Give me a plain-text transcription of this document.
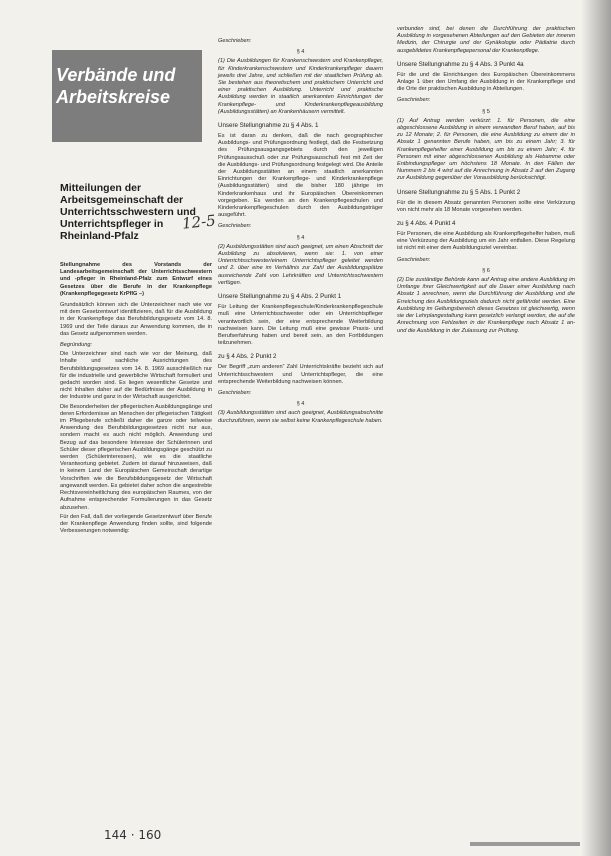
Verbände und Arbeitskreise
Mitteilungen der Arbeitsgemeinschaft der Unterrichtsschwestern und Unterrichtspfleger in Rheinland-Pfalz
12-5

Stellungnahme des Vorstands der Landesarbeitsgemeinschaft der Unterrichtsschwestern und -pfleger in Rheinland-Pfalz zum Entwurf eines Gesetzes über die Berufe in der Krankenpflege (Krankenpflegegesetz KrPflG –)

Grundsätzlich können sich die Unterzeichner nach wie vor mit dem Gesetzentwurf identifizieren, daß für die Ausbildung in der Krankenpflege das Berufsbildungsgesetz vom 14. 8. 1969 und der Teile daraus zur Anwendung kommen, die in das Gesetz aufgenommen werden.

Begründung:

Die Unterzeichner sind nach wie vor der Meinung, daß Inhalte und sachliche Ausrichtungen des Berufsbildungsgesetzes vom 14. 8. 1969 ausschließlich nur für die industrielle und gewerbliche Wirtschaft formuliert und gedacht worden sind. Es liegen wesentliche Gesetze und nicht Inhalten daher auf die Bedürfnisse der Ausbildung in der Industrie und ganz in der Wirtschaft ausgerichtet.

Die Besonderheiten der pflegerischen Ausbildungsgänge und deren Erfordernisse an Menschen der pflegerischen Tätigkeit im Pflegeberufe schließt daher die ganze oder teilweise Anwendung des Berufsbildungsgesetzes nicht nur aus, sondern macht es auch nicht möglich. Anwendung und Bezug auf das besondere Interesse der Schülerinnen und Schüler dieser pflegerischen Ausbildungsgänge geschützt zu werden (Schülerinteressen), wie es die staatliche Verantwortung gebietet. Zudem ist darauf hinzuweisen, daß in keinem Land der Europäischen Gemeinschaft derartige Vorschriften wie die Berufsbildungsgesetz der Wirtschaft angewandt werden. Es gebietet daher schon die angestrebte Rechtsvereinheitlichung des europäischen Raumes, von der Aufnahme entsprechender Formulierungen in das Gesetz abzusehen.

Für den Fall, daß der vorliegende Gesetzentwurf über Berufe der Krankenpflege Anwendung finden sollte, sind folgende Verbesserungen notwendig:

Geschrieben:
§ 4

(1) Die Ausbildungen für Krankenschwestern und Krankenpfleger, für Kinderkrankenschwestern und Kinderkrankenpfleger dauern jeweils drei Jahre, und schließen mit der staatlichen Prüfung ab. Sie bestehen aus theoretischem und praktischem Unterricht und einer praktischen Ausbildung. Unterricht und praktische Ausbildung werden in staatlich anerkannten Einrichtungen der Krankenpflege- und Kinderkrankenpflegeausbildung (Ausbildungsstätten) an Krankenhäusern vermittelt.

Unsere Stellungnahme zu § 4 Abs. 1

Es ist daran zu denken, daß die nach geographischer Ausbildungs- und Prüfungsordnung festlegt, daß die Festsetzung des Prüfungsausgangsgebiets durch den jeweiligen Prüfungsausschuß oder zur Prüfungsausschuß fest mit Zeit der die Ausbildungs- und Prüfungsordnung festgelegt wird. Die Anteile der Ausbildungsstätten an einem staatlich anerkannten Einrichtungen der Krankenpflege- und Kinderkrankenpflege (Ausbildungsstätten) sind die bisher 180 jährige im Kinderkrankenhaus und ihr Europäischen Übereinkommen vorgegeben. Es werden an den Krankenpflegeschulen und Kinderkrankenpflegeschulen durch den Ausbildungsträger ausgeführt.

Geschrieben:
§ 4

(2) Ausbildungsstätten sind auch geeignet, um einen Abschnitt der Ausbildung zu absolvieren, wenn sie: 1. von einer Unterrichtsschwester/einem Unterrichtspfleger geleitet werden und 2. über eine im Verhältnis zur Zahl der Ausbildungsplätze ausreichende Zahl von Lehrkräften und Unterrichtsschwestern verfügen.

Unsere Stellungnahme zu § 4 Abs. 2 Punkt 1

Für Leitung der Krankenpflegeschule/Kinderkrankenpflegeschule muß eine Unterrichtsschwester oder ein Unterrichtspfleger verantwortlich sein, der eine entsprechende Weiterbildung nachweisen kann. Die Leitung muß eine gewisse Praxis- und Berufserfahrung haben und bereit sein, an den Fortbildungen teilzunehmen.

zu § 4 Abs. 2 Punkt 2

Der Begriff „zum anderen“ Zahl Unterrichtskräfte bezieht sich auf Unterrichtsschwestern und Unterrichtspfleger, die eine entsprechende Weiterbildung nachweisen können.

Geschrieben:
§ 4

(3) Ausbildungsstätten sind auch geeignet, Ausbildungsabschnitte durchzuführen, wenn sie selbst keine Krankenpflegeschule haben.

verbunden sind, bei denen die Durchführung der praktischen Ausbildung in vorgesehenen Abteilungen auf den Gebieten der inneren Medizin, der Chirurgie und der Gynäkologie oder Pädiatrie durch ausgebildetes Krankenpflegepersonal der Krankenpflege.

Unsere Stellungnahme zu § 4 Abs. 3 Punkt 4a

Für die und die Einrichtungen des Europäischen Übereinkommens Anlage 1 über den Umfang der Ausbildung in der Krankenpflege und die Orte der praktischen Ausbildung in Abteilungen.

Geschrieben:
§ 5

(1) Auf Antrag werden verkürzt: 1. für Personen, die eine abgeschlossene Ausbildung in einem verwandten Beruf haben, auf bis zu 12 Monate; 2. für Personen, die eine Ausbildung zu einem der in Absatz 1 genannten Berufe haben, um bis zu einem Jahr; 3. für Krankenpflegehelfer einer Ausbildung um bis zu einem Jahr; 4. für Personen mit einer abgeschlossenen Ausbildung als Hebamme oder Entbindungspfleger um höchstens 18 Monate. In den Fällen der Nummern 2 bis 4 wird auf die Anrechnung in Absatz 2 auf den Zugang zur Ausbildung gegenüber der Vorausbildung berücksichtigt.

Unsere Stellungnahme zu § 5 Abs. 1 Punkt 2

Für die in diesem Absatz genannten Personen sollte eine Verkürzung von nicht mehr als 18 Monate vorgesehen werden.

zu § 4 Abs. 4 Punkt 4

Für Personen, die eine Ausbildung als Krankenpflegehelfer haben, muß eine Verkürzung der Ausbildung um ein Jahr entfallen. Diese Regelung ist nicht mit einer dem Ausbildungsziel vereinbar.

Geschrieben:
§ 6

(2) Die zuständige Behörde kann auf Antrag eine andere Ausbildung im Umfange ihrer Gleichwertigkeit auf die Dauer einer Ausbildung nach Absatz 1 anrechnen, wenn die Durchführung der Ausbildung und die Erreichung des Ausbildungsziels dadurch nicht gefährdet werden. Eine Ausbildung im Geltungsbereich dieses Gesetzes ist gleichwertig, wenn sie der Lehrplangestaltung kann gesetzlich verlangt werden, die auf die Anrechnung von Fehlzeiten in der Krankenpflege nach Absatz 1 an- und die Ausbildung in der Zulassung zur Prüfung.

144 · 160
